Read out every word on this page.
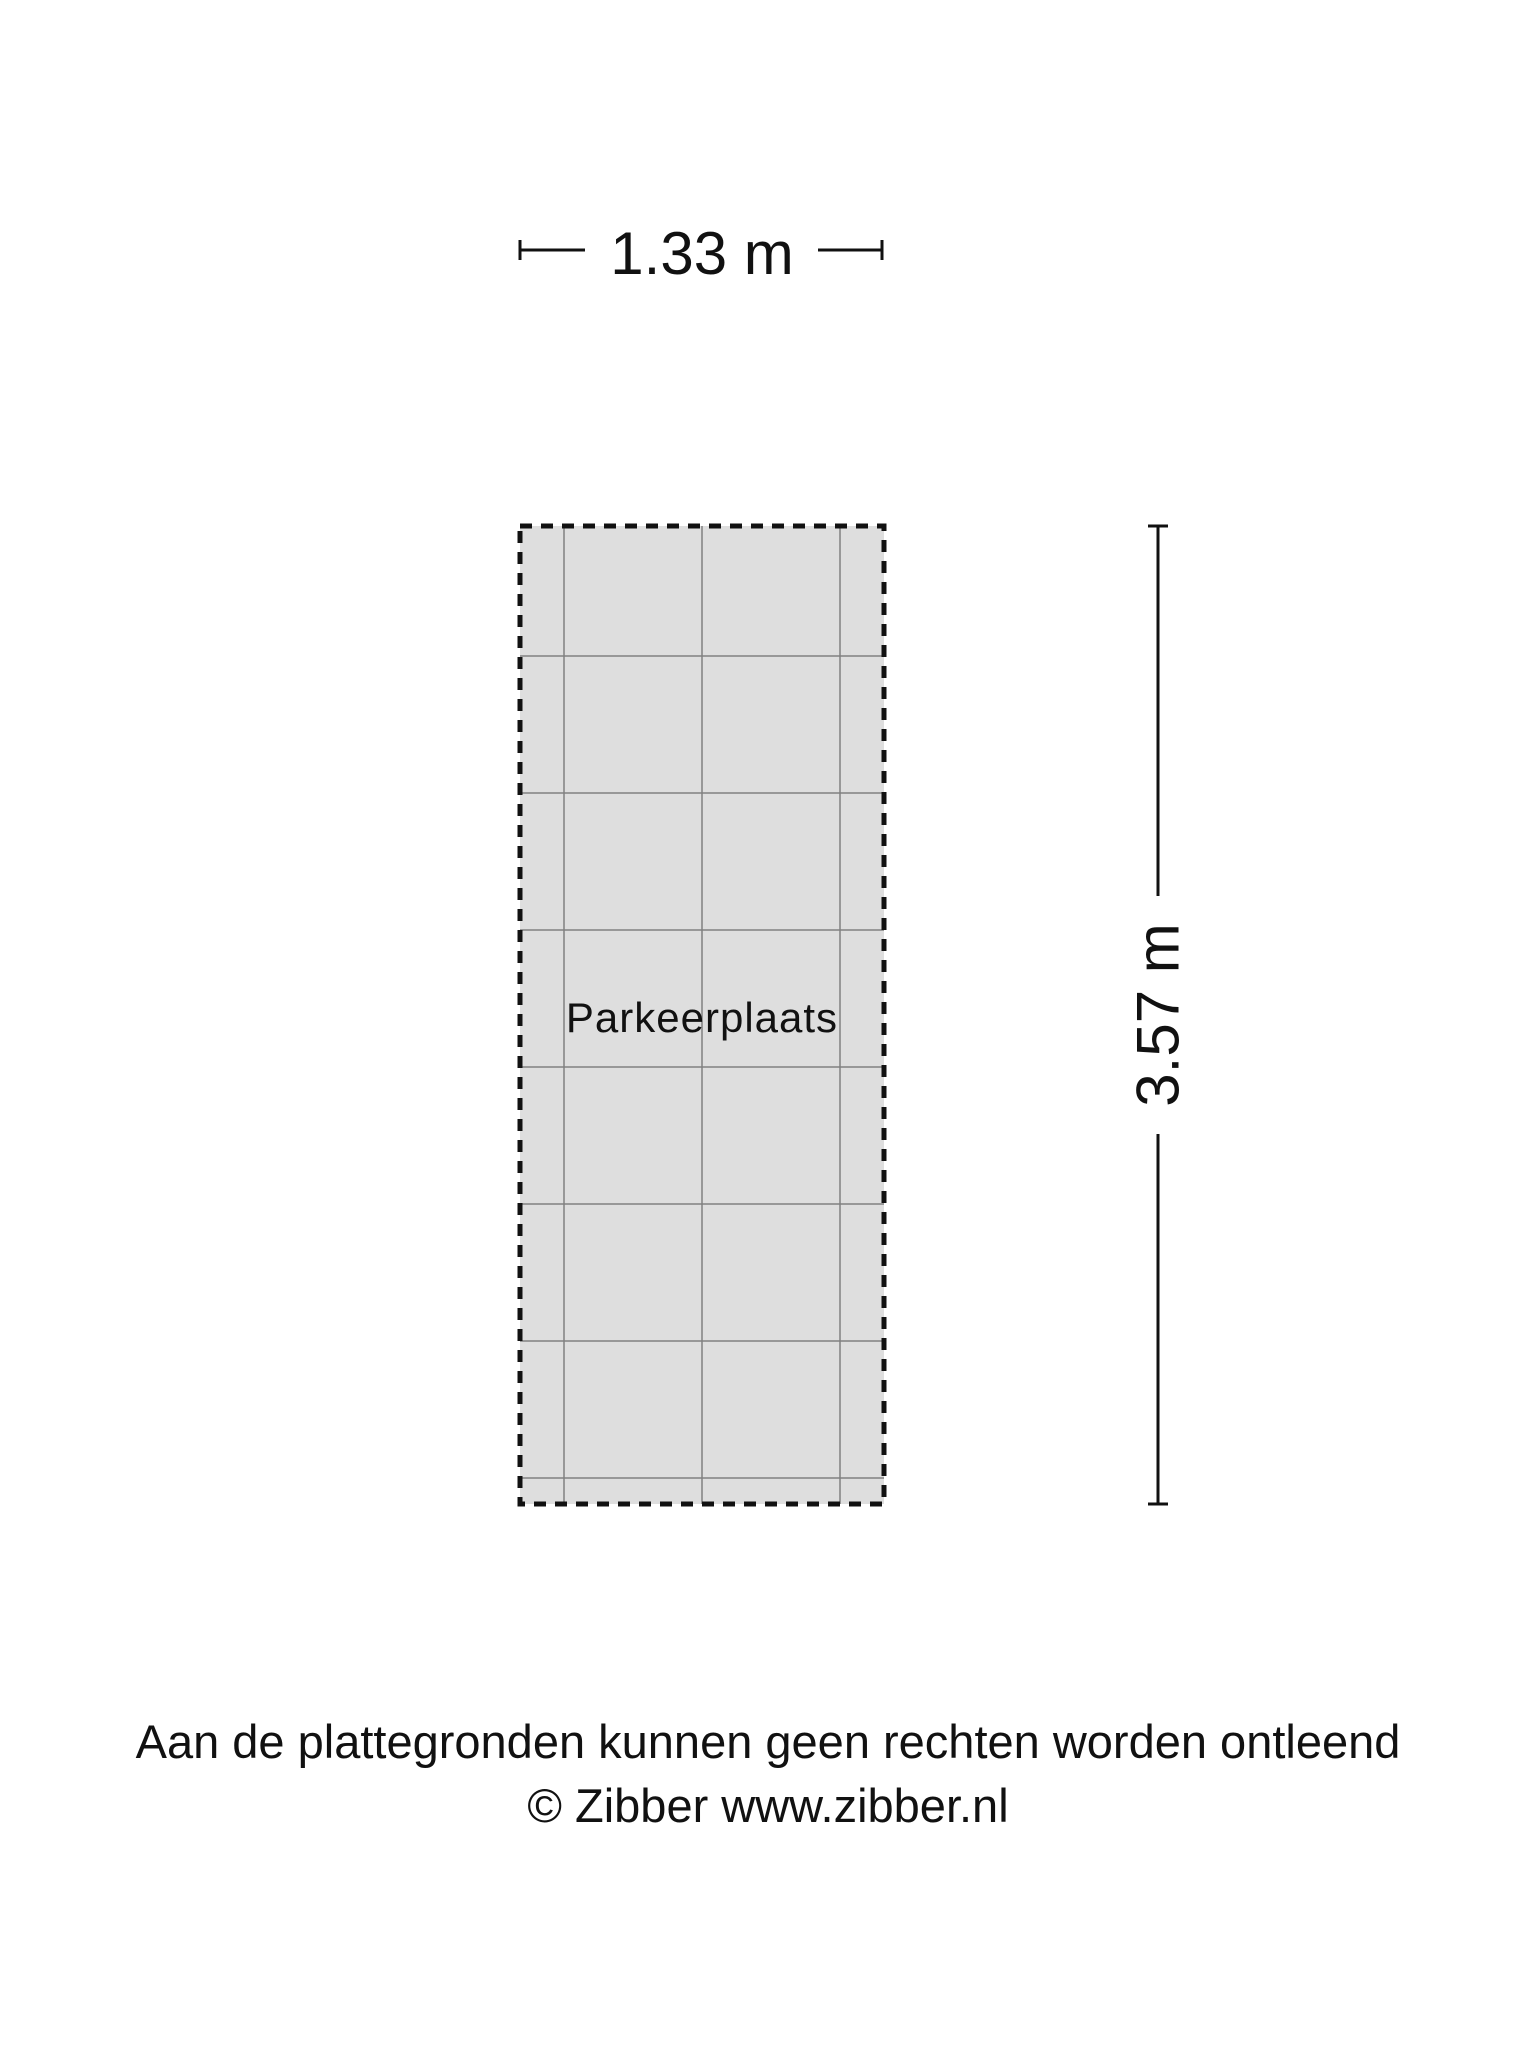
1.33 m
Parkeerplaats	3.57 m
Aan de plattegronden kunnen geen rechten worden ontleend
© Zibber www.zibber.nl
